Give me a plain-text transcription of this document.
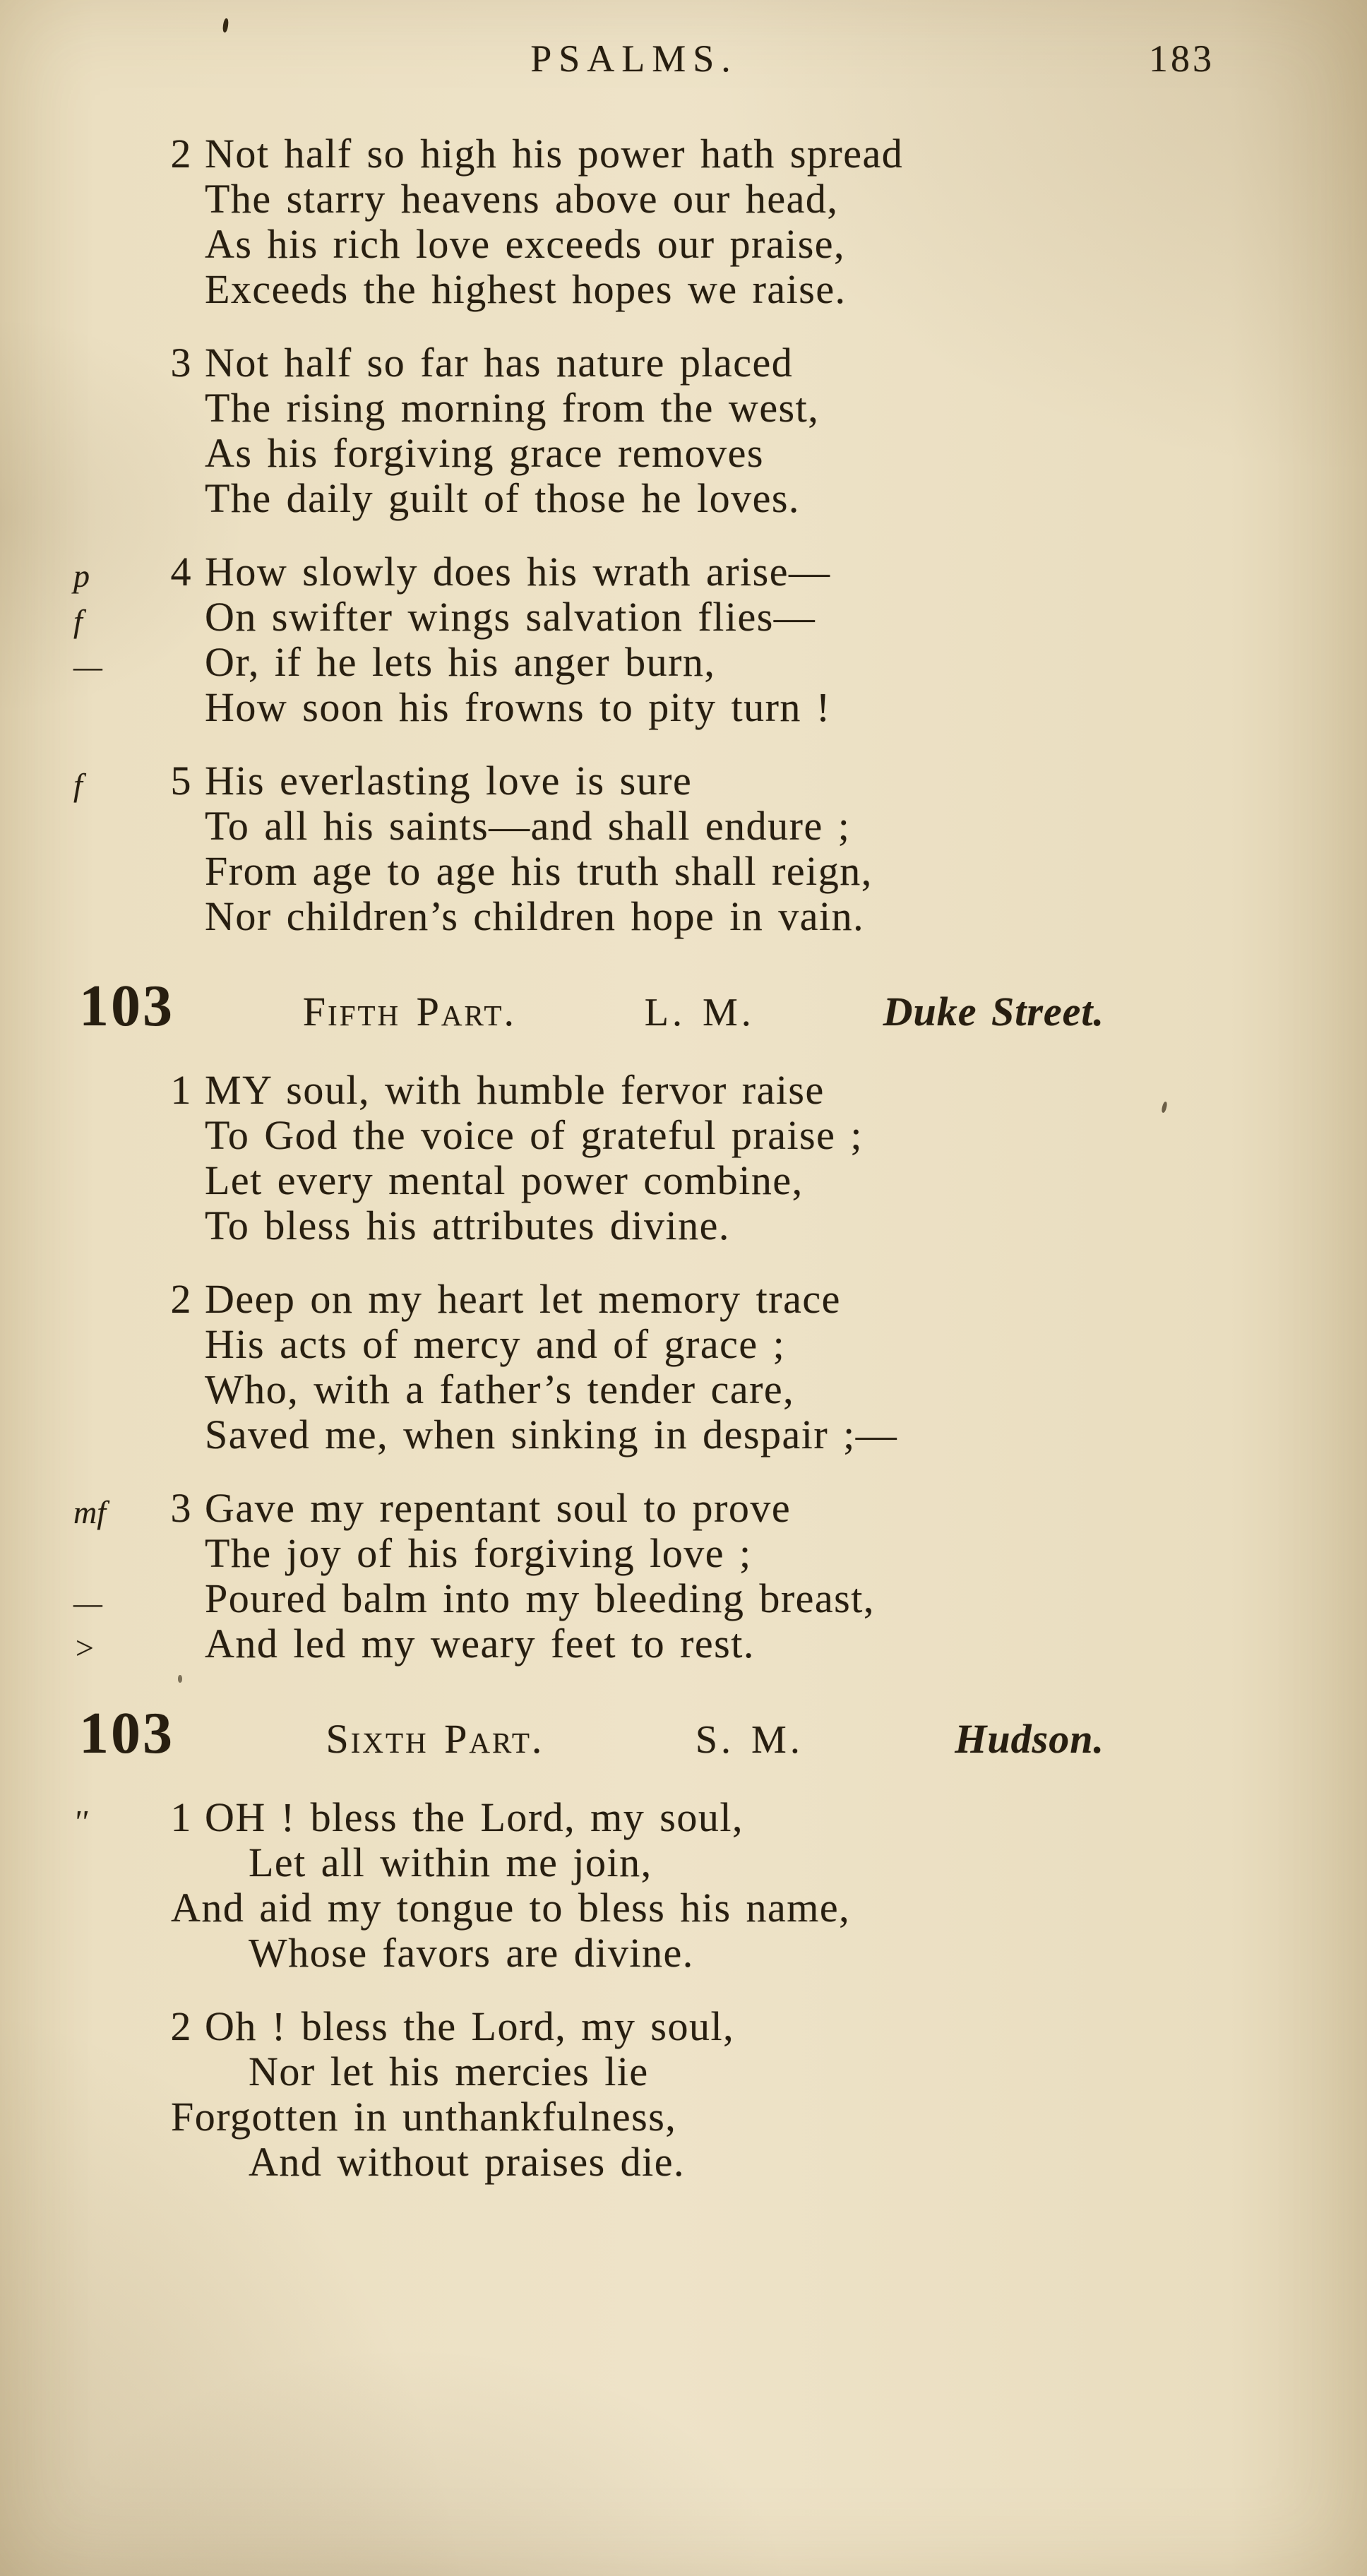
PSALMS.	183
2 Not half so high his power hath spread
The starry heavens above our head,
As his rich love exceeds our praise,
Exceeds the highest hopes we raise.
3 Not half so far has nature placed
The rising morning from the west,
As his forgiving grace removes
The daily guilt of those he loves.
p	4 How slowly does his wrath arise—
f	On swifter wings salvation flies—
—	Or, if he lets his anger burn,
How soon his frowns to pity turn !
f	5 His everlasting love is sure
To all his saints—and shall endure ;
From age to age his truth shall reign,
Nor children’s children hope in vain.
103	Fifth Part.	L. M.	Duke Street.
1 MY soul, with humble fervor raise
To God the voice of grateful praise ;
Let every mental power combine,
To bless his attributes divine.
2 Deep on my heart let memory trace
His acts of mercy and of grace ;
Who, with a father’s tender care,
Saved me, when sinking in despair ;—
mf	3 Gave my repentant soul to prove
The joy of his forgiving love ;
—	Poured balm into my bleeding breast,
>	And led my weary feet to rest.
103	Sixth Part.	S. M.	Hudson.
''	1 OH ! bless the Lord, my soul,
Let all within me join,
And aid my tongue to bless his name,
Whose favors are divine.
2 Oh ! bless the Lord, my soul,
Nor let his mercies lie
Forgotten in unthankfulness,
And without praises die.
